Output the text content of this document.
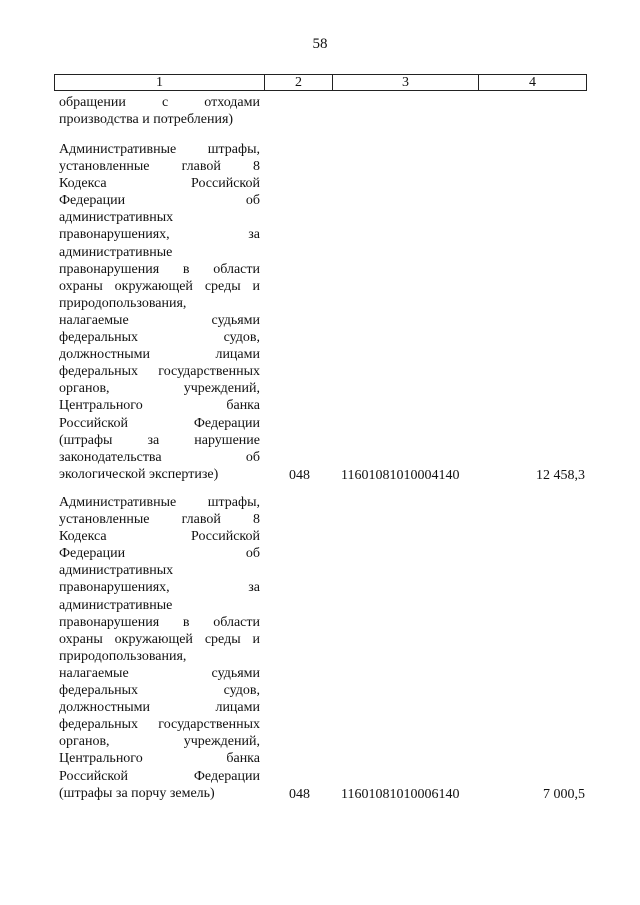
58
1	2	3	4
обращении с отходами
производства и потребления)
Административные штрафы,
установленные главой 8
Кодекса Российской
Федерации об
административных
правонарушениях, за
административные
правонарушения в области
охраны окружающей среды и
природопользования,
налагаемые судьями
федеральных судов,
должностными лицами
федеральных государственных
органов, учреждений,
Центрального банка
Российской Федерации
(штрафы за нарушение
законодательства об
экологической экспертизе)	048	11601081010004140	12 458,3
Административные штрафы,
установленные главой 8
Кодекса Российской
Федерации об
административных
правонарушениях, за
административные
правонарушения в области
охраны окружающей среды и
природопользования,
налагаемые судьями
федеральных судов,
должностными лицами
федеральных государственных
органов, учреждений,
Центрального банка
Российской Федерации
(штрафы за порчу земель)	048	11601081010006140	7 000,5
